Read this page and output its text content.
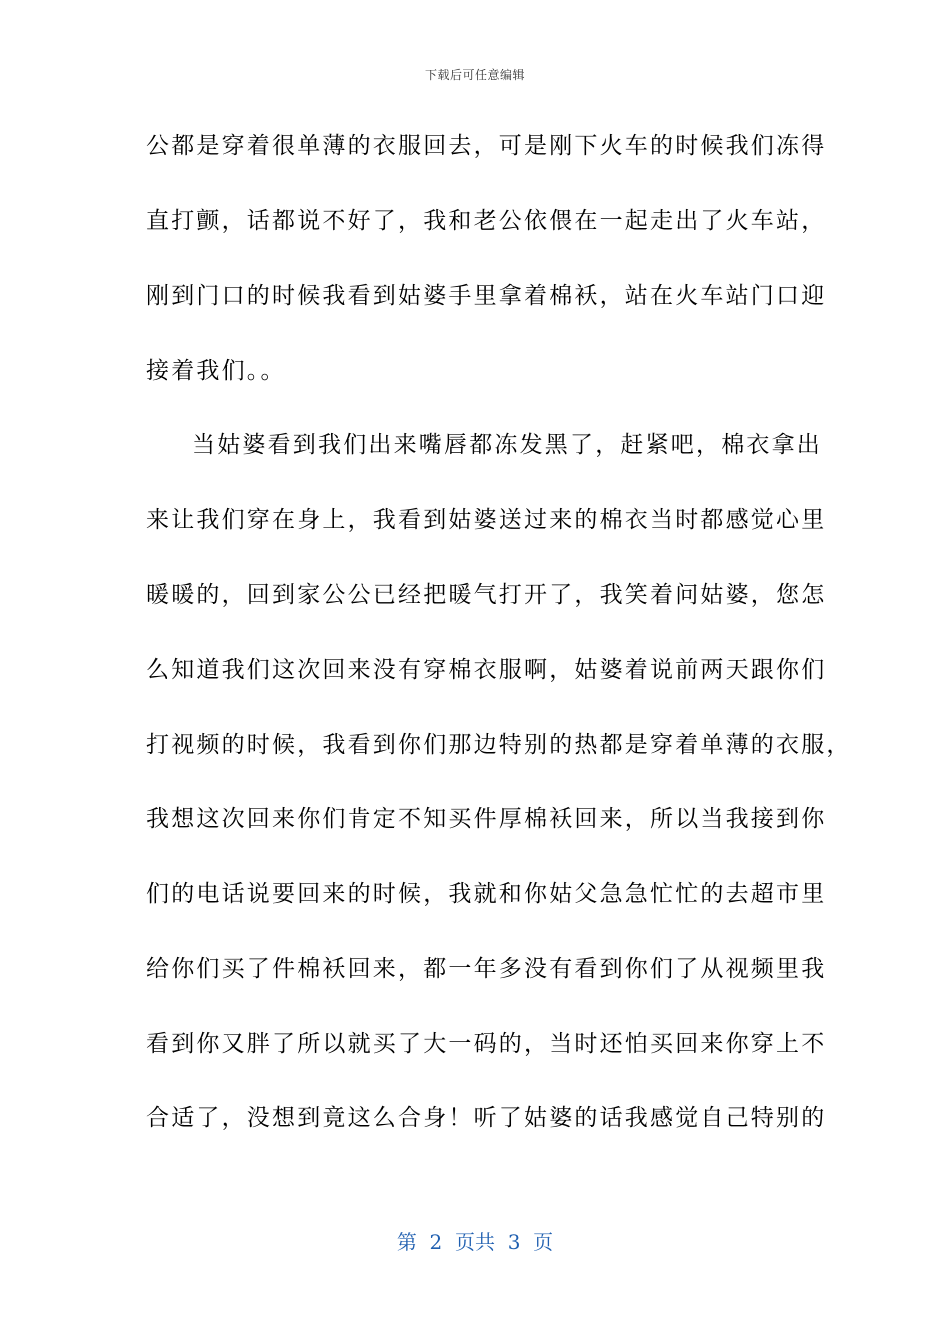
下载后可任意编辑
公都是穿着很单薄的衣服回去，可是刚下火车的时候我们冻得
直打颤，话都说不好了，我和老公依偎在一起走出了火车站，
刚到门口的时候我看到姑婆手里拿着棉袄，站在火车站门口迎
接着我们。。
当姑婆看到我们出来嘴唇都冻发黑了，赶紧吧，棉衣拿出
来让我们穿在身上，我看到姑婆送过来的棉衣当时都感觉心里
暖暖的，回到家公公已经把暖气打开了，我笑着问姑婆，您怎
么知道我们这次回来没有穿棉衣服啊，姑婆着说前两天跟你们
打视频的时候，我看到你们那边特别的热都是穿着单薄的衣服，
我想这次回来你们肯定不知买件厚棉袄回来，所以当我接到你
们的电话说要回来的时候，我就和你姑父急急忙忙的去超市里
给你们买了件棉袄回来，都一年多没有看到你们了从视频里我
看到你又胖了所以就买了大一码的，当时还怕买回来你穿上不
合适了，没想到竟这么合身！听了姑婆的话我感觉自己特别的
第  2  页共  3  页
